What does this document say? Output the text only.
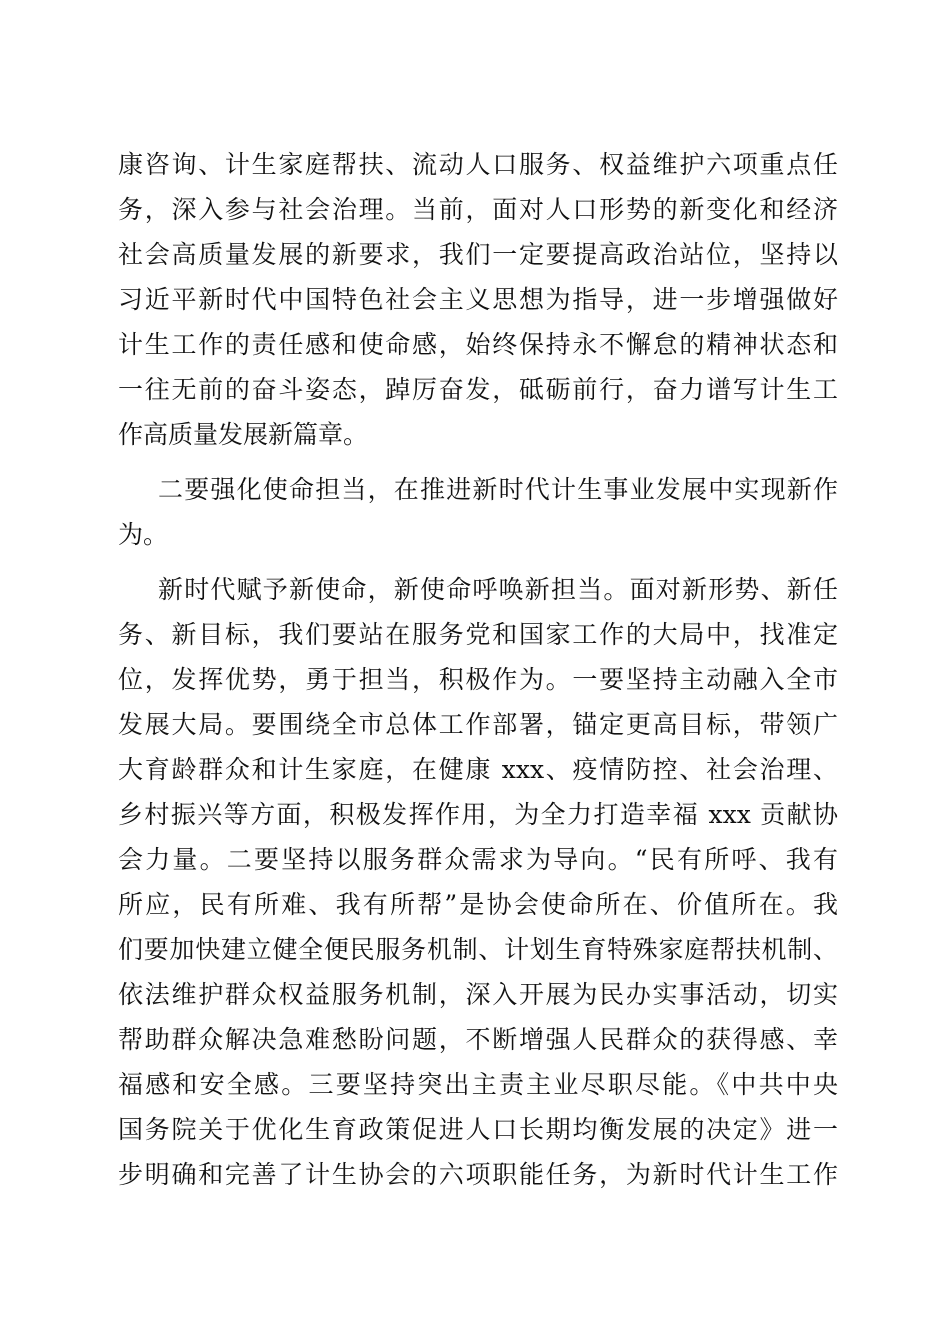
康咨询、计生家庭帮扶、流动人口服务、权益维护六项重点任
务，深入参与社会治理。当前，面对人口形势的新变化和经济
社会高质量发展的新要求，我们一定要提高政治站位，坚持以
习近平新时代中国特色社会主义思想为指导，进一步增强做好
计生工作的责任感和使命感，始终保持永不懈怠的精神状态和
一往无前的奋斗姿态，踔厉奋发，砥砺前行，奋力谱写计生工
作高质量发展新篇章。
二要强化使命担当，在推进新时代计生事业发展中实现新作
为。
新时代赋予新使命，新使命呼唤新担当。面对新形势、新任
务、新目标，我们要站在服务党和国家工作的大局中，找准定
位，发挥优势，勇于担当，积极作为。一要坚持主动融入全市
发展大局。要围绕全市总体工作部署，锚定更高目标，带领广
大育龄群众和计生家庭，在健康 xxx、疫情防控、社会治理、
乡村振兴等方面，积极发挥作用，为全力打造幸福 xxx 贡献协
会力量。二要坚持以服务群众需求为导向。“民有所呼、我有
所应，民有所难、我有所帮”是协会使命所在、价值所在。我
们要加快建立健全便民服务机制、计划生育特殊家庭帮扶机制、
依法维护群众权益服务机制，深入开展为民办实事活动，切实
帮助群众解决急难愁盼问题，不断增强人民群众的获得感、幸
福感和安全感。三要坚持突出主责主业尽职尽能。《中共中央
国务院关于优化生育政策促进人口长期均衡发展的决定》进一
步明确和完善了计生协会的六项职能任务，为新时代计生工作
